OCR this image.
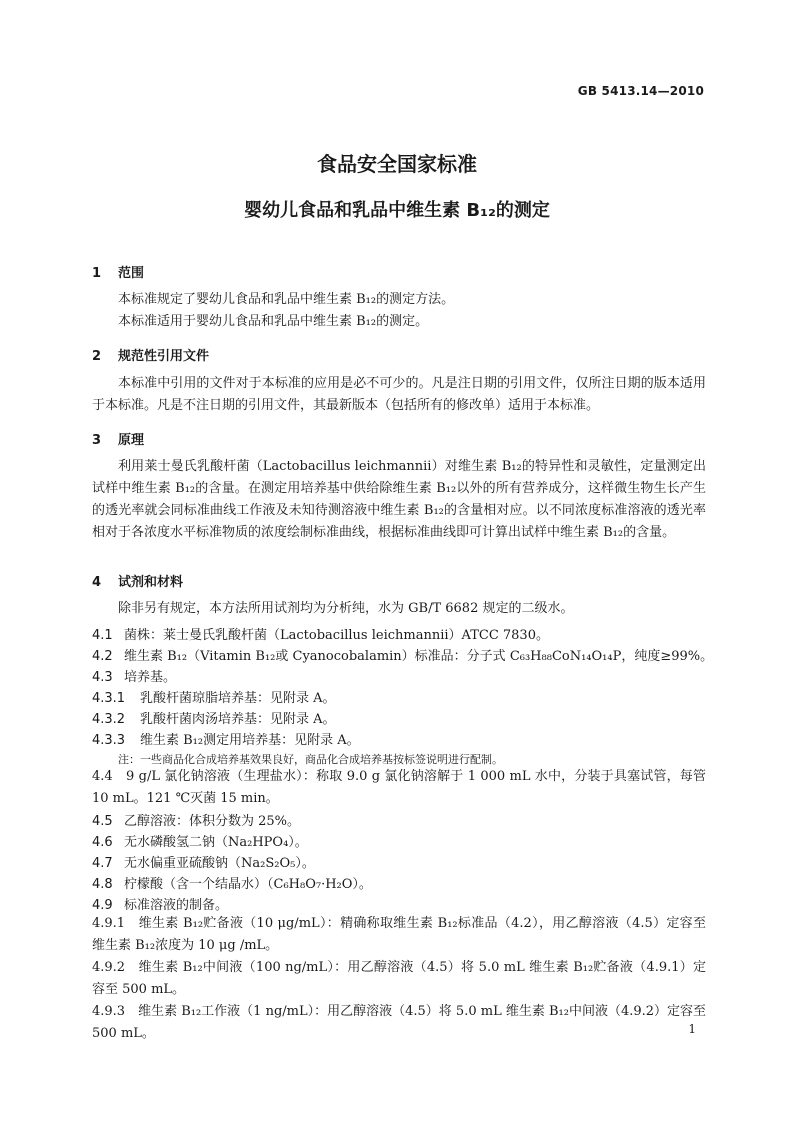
GB 5413.14—2010
食品安全国家标准
婴幼儿食品和乳品中维生素 B₁₂的测定
1 范围
本标准规定了婴幼儿食品和乳品中维生素 B₁₂的测定方法。
本标准适用于婴幼儿食品和乳品中维生素 B₁₂的测定。
2 规范性引用文件
本标准中引用的文件对于本标准的应用是必不可少的。凡是注日期的引用文件，仅所注日期的版本适用于本标准。凡是不注日期的引用文件，其最新版本（包括所有的修改单）适用于本标准。
3 原理
利用莱士曼氏乳酸杆菌（Lactobacillus leichmannii）对维生素 B₁₂的特异性和灵敏性，定量测定出试样中维生素 B₁₂的含量。在测定用培养基中供给除维生素 B₁₂以外的所有营养成分，这样微生物生长产生的透光率就会同标准曲线工作液及未知待测溶液中维生素 B₁₂的含量相对应。以不同浓度标准溶液的透光率相对于各浓度水平标准物质的浓度绘制标准曲线，根据标准曲线即可计算出试样中维生素 B₁₂的含量。
4 试剂和材料
除非另有规定，本方法所用试剂均为分析纯，水为 GB/T 6682 规定的二级水。
4.1 菌株：莱士曼氏乳酸杆菌（Lactobacillus leichmannii）ATCC 7830。
4.2 维生素 B₁₂（Vitamin B₁₂或 Cyanocobalamin）标准品：分子式 C₆₃H₈₈CoN₁₄O₁₄P，纯度≥99%。
4.3 培养基。
4.3.1 乳酸杆菌琼脂培养基：见附录 A。
4.3.2 乳酸杆菌肉汤培养基：见附录 A。
4.3.3 维生素 B₁₂测定用培养基：见附录 A。
注：一些商品化合成培养基效果良好，商品化合成培养基按标签说明进行配制。
4.4　9 g/L 氯化钠溶液（生理盐水）：称取 9.0 g 氯化钠溶解于 1 000 mL 水中，分装于具塞试管，每管 10 mL。121 ℃灭菌 15 min。
4.5 乙醇溶液：体积分数为 25%。
4.6 无水磷酸氢二钠（Na₂HPO₄）。
4.7 无水偏重亚硫酸钠（Na₂S₂O₅）。
4.8 柠檬酸（含一个结晶水）（C₆H₈O₇·H₂O）。
4.9 标准溶液的制备。
4.9.1　维生素 B₁₂贮备液（10 μg/mL）：精确称取维生素 B₁₂标准品（4.2），用乙醇溶液（4.5）定容至维生素 B₁₂浓度为 10 μg /mL。
4.9.2　维生素 B₁₂中间液（100 ng/mL）：用乙醇溶液（4.5）将 5.0 mL 维生素 B₁₂贮备液（4.9.1）定容至 500 mL。
4.9.3　维生素 B₁₂工作液（1 ng/mL）：用乙醇溶液（4.5）将 5.0 mL 维生素 B₁₂中间液（4.9.2）定容至 500 mL。	1
